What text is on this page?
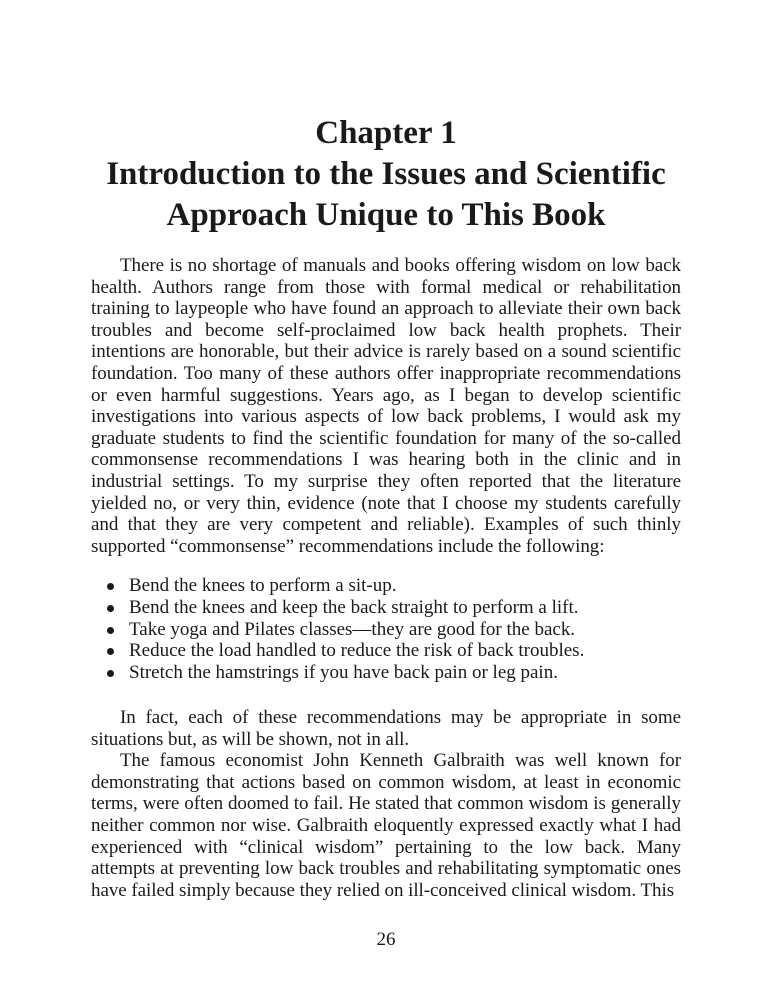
Chapter 1
Introduction to the Issues and Scientific
Approach Unique to This Book

There is no shortage of manuals and books offering wisdom on low back health. Authors range from those with formal medical or rehabilitation training to laypeople who have found an approach to alleviate their own back troubles and become self-proclaimed low back health prophets. Their intentions are honorable, but their advice is rarely based on a sound scientific foundation. Too many of these authors offer inappropriate recommendations or even harmful suggestions. Years ago, as I began to develop scientific investigations into various aspects of low back problems, I would ask my graduate students to find the scientific foundation for many of the so-called commonsense recommendations I was hearing both in the clinic and in industrial settings. To my surprise they often reported that the literature yielded no, or very thin, evidence (note that I choose my students carefully and that they are very competent and reliable). Examples of such thinly supported “commonsense” recommendations include the following:

Bend the knees to perform a sit-up.
Bend the knees and keep the back straight to perform a lift.
Take yoga and Pilates classes—they are good for the back.
Reduce the load handled to reduce the risk of back troubles.
Stretch the hamstrings if you have back pain or leg pain.

In fact, each of these recommendations may be appropriate in some situations but, as will be shown, not in all.

The famous economist John Kenneth Galbraith was well known for demonstrating that actions based on common wisdom, at least in economic terms, were often doomed to fail. He stated that common wisdom is generally neither common nor wise. Galbraith eloquently expressed exactly what I had experienced with “clinical wisdom” pertaining to the low back. Many attempts at preventing low back troubles and rehabilitating symptomatic ones have failed simply because they relied on ill-conceived clinical wisdom. This

26
